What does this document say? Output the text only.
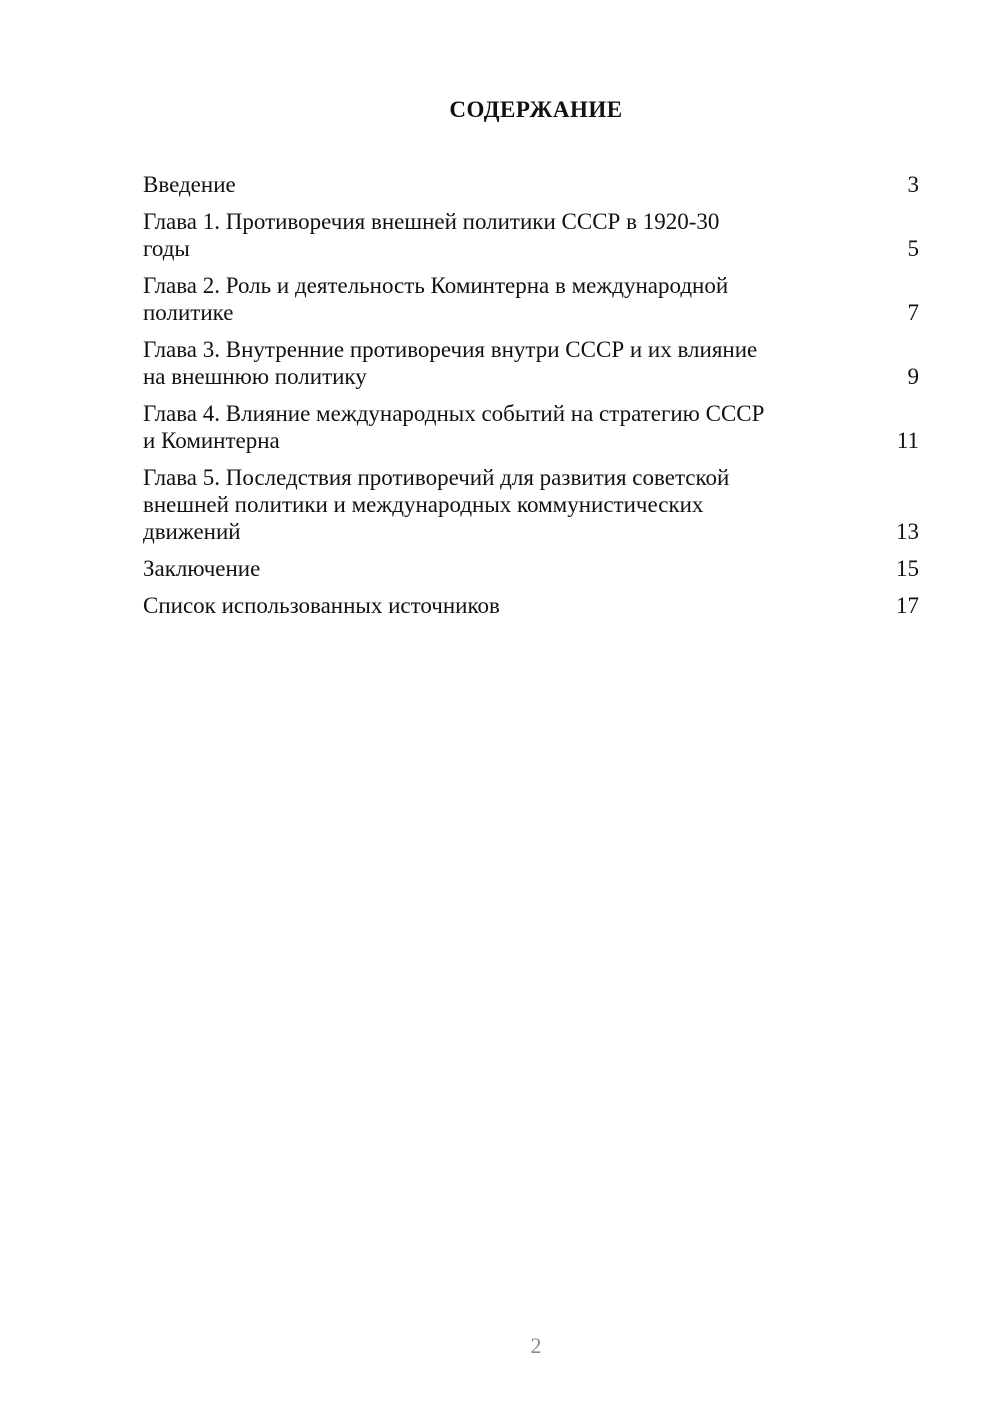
СОДЕРЖАНИЕ
Введение	3
Глава 1. Противоречия внешней политики СССР в 1920-30
годы	5
Глава 2. Роль и деятельность Коминтерна в международной
политике	7
Глава 3. Внутренние противоречия внутри СССР и их влияние
на внешнюю политику	9
Глава 4. Влияние международных событий на стратегию СССР
и Коминтерна	11
Глава 5. Последствия противоречий для развития советской
внешней политики и международных коммунистических
движений	13
Заключение	15
Список использованных источников	17
2
